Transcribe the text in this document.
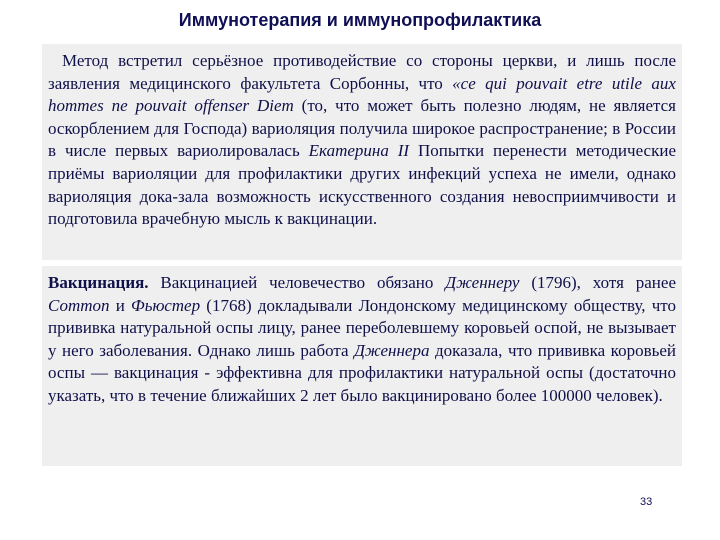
Иммунотерапия и иммунопрофилактика
Метод встретил серьёзное противодействие со стороны церкви, и лишь после заявления медицинского факультета Сорбонны, что «ce qui pouvait etre utile aux hommes ne pouvait offenser Diem (то, что может быть полезно людям, не является оскорблением для Господа) вариоляция получила широкое распространение; в России в числе первых вариолировалась Екатерина II Попытки перенести методические приёмы вариоляции для профилактики других инфекций успеха не имели, однако вариоляция дока-зала возможность искусственного создания невосприимчивости и подготовила врачебную мысль к вакцинации.
Вакцинация. Вакцинацией человечество обязано Дженнеру (1796), хотя ранее Соттоn и Фьюстер (1768) докладывали Лондонскому медицинскому обществу, что прививка натуральной оспы лицу, ранее переболевшему коровьей оспой, не вызывает у него заболевания. Однако лишь работа Дженнера доказала, что прививка коровьей оспы — вакцинация - эффективна для профилактики натуральной оспы (достаточно указать, что в течение ближайших 2 лет было вакцинировано более 100000 человек).
33
